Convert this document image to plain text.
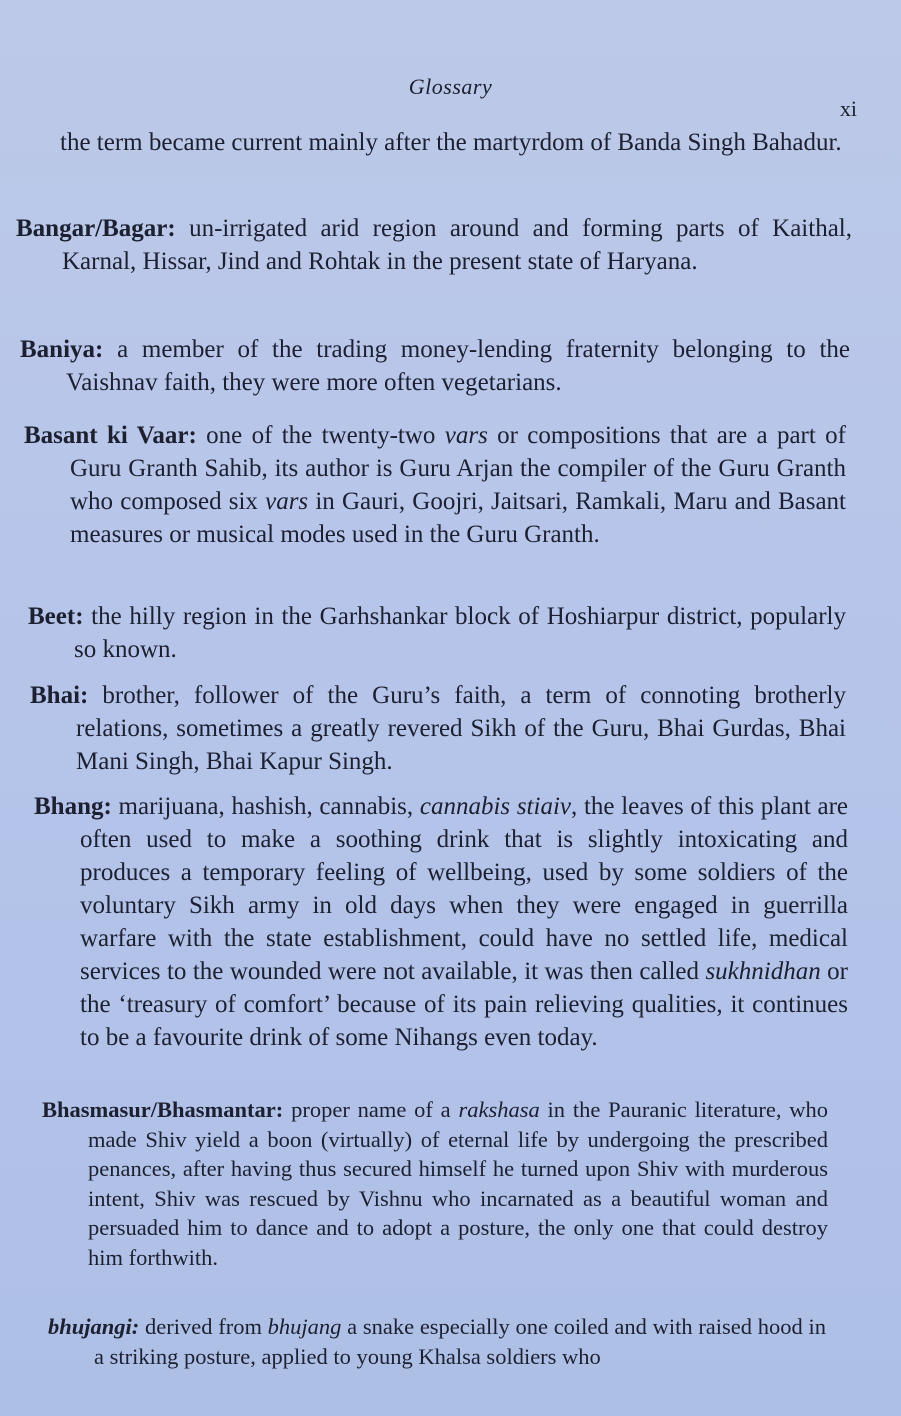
Glossary
xi
the term became current mainly after the martyrdom of Banda Singh Bahadur.
Bangar/Bagar: un-irrigated arid region around and forming parts of Kaithal, Karnal, Hissar, Jind and Rohtak in the present state of Haryana.
Baniya: a member of the trading money-lending fraternity belonging to the Vaishnav faith, they were more often vegetarians.
Basant ki Vaar: one of the twenty-two vars or compositions that are a part of Guru Granth Sahib, its author is Guru Arjan the compiler of the Guru Granth who composed six vars in Gauri, Goojri, Jaitsari, Ramkali, Maru and Basant measures or musical modes used in the Guru Granth.
Beet: the hilly region in the Garhshankar block of Hoshiarpur district, popularly so known.
Bhai: brother, follower of the Guru’s faith, a term of connoting brotherly relations, sometimes a greatly revered Sikh of the Guru, Bhai Gurdas, Bhai Mani Singh, Bhai Kapur Singh.
Bhang: marijuana, hashish, cannabis, cannabis stiaiv, the leaves of this plant are often used to make a soothing drink that is slightly intoxicating and produces a temporary feeling of wellbeing, used by some soldiers of the voluntary Sikh army in old days when they were engaged in guerrilla warfare with the state establishment, could have no settled life, medical services to the wounded were not available, it was then called sukhnidhan or the ‘treasury of comfort’ because of its pain relieving qualities, it continues to be a favourite drink of some Nihangs even today.
Bhasmasur/Bhasmantar: proper name of a rakshasa in the Pauranic literature, who made Shiv yield a boon (virtually) of eternal life by undergoing the prescribed penances, after having thus secured himself he turned upon Shiv with murderous intent, Shiv was rescued by Vishnu who incarnated as a beautiful woman and persuaded him to dance and to adopt a posture, the only one that could destroy him forthwith.
bhujangi: derived from bhujang a snake especially one coiled and with raised hood in a striking posture, applied to young Khalsa soldiers who
